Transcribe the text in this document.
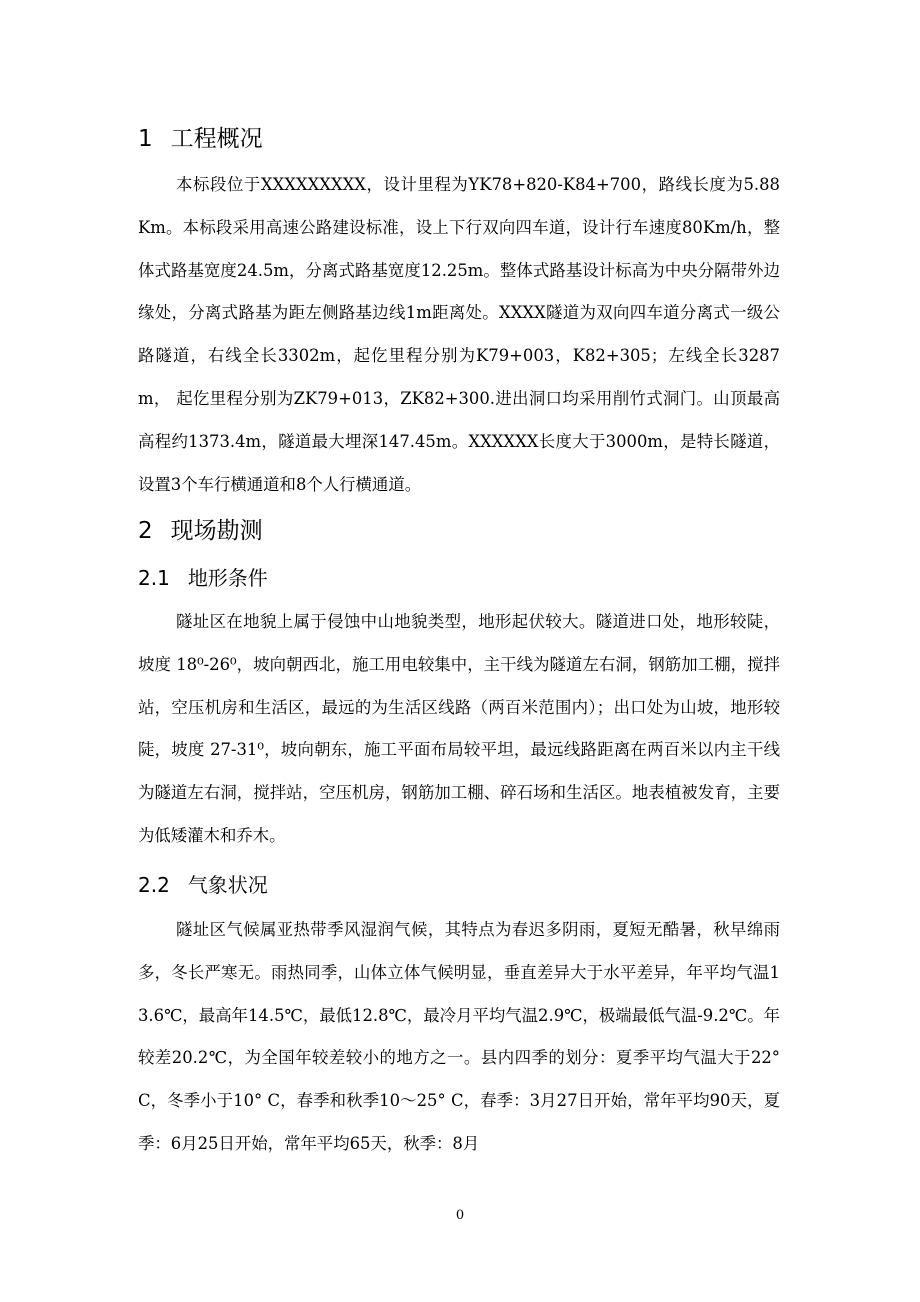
1 工程概况

本标段位于XXXXXXXXX，设计里程为YK78+820-K84+700，路线长度为5.88Km。本标段采用高速公路建设标准，设上下行双向四车道，设计行车速度80Km/h，整体式路基宽度24.5m，分离式路基宽度12.25m。整体式路基设计标高为中央分隔带外边缘处，分离式路基为距左侧路基边线1m距离处。XXXX隧道为双向四车道分离式一级公路隧道，右线全长3302m，起仡里程分别为K79+003，K82+305；左线全长3287m， 起仡里程分别为ZK79+013，ZK82+300.进出洞口均采用削竹式洞门。山顶最高高程约1373.4m，隧道最大埋深147.45m。XXXXXX长度大于3000m，是特长隧道，设置3个车行横通道和8个人行横通道。

2 现场勘测
2.1 地形条件

隧址区在地貌上属于侵蚀中山地貌类型，地形起伏较大。隧道进口处，地形较陡，坡度 18⁰-26⁰，坡向朝西北，施工用电较集中，主干线为隧道左右洞，钢筋加工棚，搅拌站，空压机房和生活区，最远的为生活区线路（两百米范围内）；出口处为山坡，地形较陡，坡度 27-31⁰，坡向朝东，施工平面布局较平坦，最远线路距离在两百米以内主干线为隧道左右洞，搅拌站，空压机房，钢筋加工棚、碎石场和生活区。地表植被发育，主要为低矮灌木和乔木。

2.2 气象状况

隧址区气候属亚热带季风湿润气候，其特点为春迟多阴雨，夏短无酷暑，秋早绵雨多，冬长严寒无。雨热同季，山体立体气候明显，垂直差异大于水平差异，年平均气温13.6℃，最高年14.5℃，最低12.8℃，最冷月平均气温2.9℃，极端最低气温-9.2℃。年较差20.2℃，为全国年较差较小的地方之一。县内四季的划分：夏季平均气温大于22° C，冬季小于10° C，春季和秋季10～25° C，春季：3月27日开始，常年平均90天，夏季：6月25日开始，常年平均65天，秋季：8月

0
